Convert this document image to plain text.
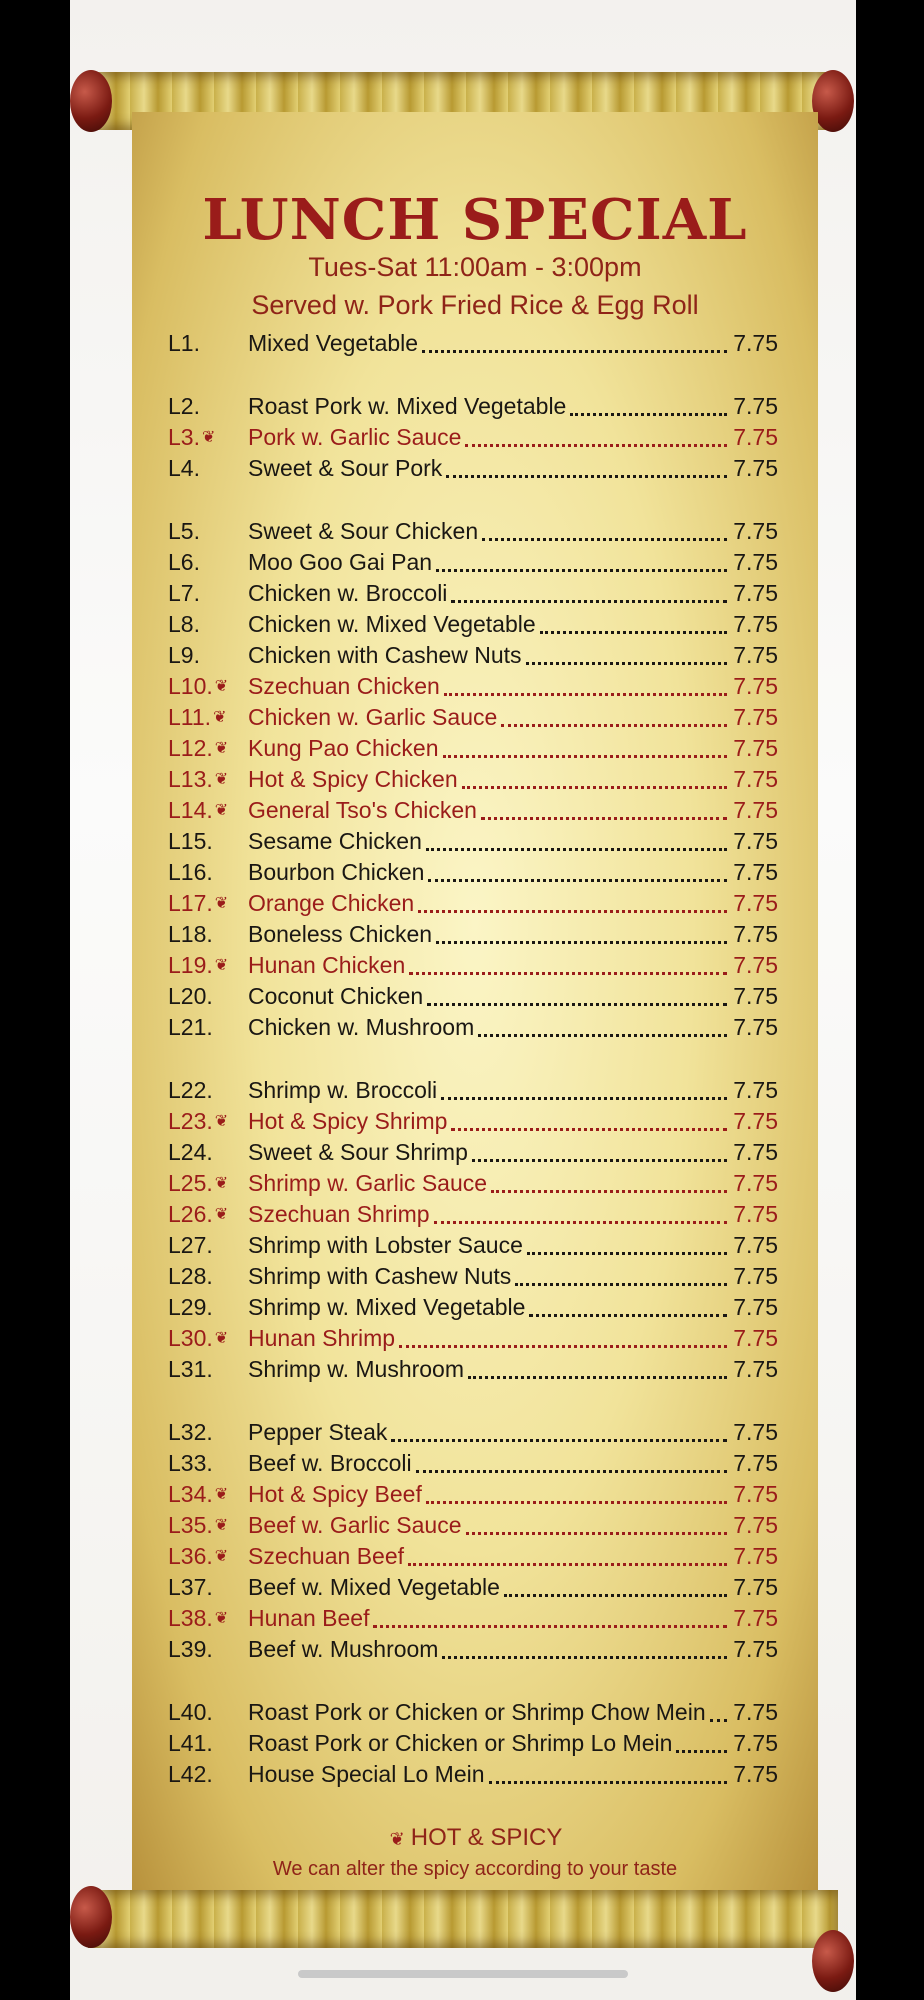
LUNCH SPECIAL
Tues-Sat 11:00am - 3:00pm
Served w. Pork Fried Rice & Egg Roll
L1. Mixed Vegetable	7.75
L2. Roast Pork w. Mixed Vegetable	7.75
L3. ❦ Pork w. Garlic Sauce	7.75
L4. Sweet & Sour Pork	7.75
L5. Sweet & Sour Chicken	7.75
L6. Moo Goo Gai Pan	7.75
L7. Chicken w. Broccoli	7.75
L8. Chicken w. Mixed Vegetable	7.75
L9. Chicken with Cashew Nuts	7.75
L10. ❦ Szechuan Chicken	7.75
L11. ❦ Chicken w. Garlic Sauce	7.75
L12. ❦ Kung Pao Chicken	7.75
L13. ❦ Hot & Spicy Chicken	7.75
L14. ❦ General Tso's Chicken	7.75
L15. Sesame Chicken	7.75
L16. Bourbon Chicken	7.75
L17. ❦ Orange Chicken	7.75
L18. Boneless Chicken	7.75
L19. ❦ Hunan Chicken	7.75
L20. Coconut Chicken	7.75
L21. Chicken w. Mushroom	7.75
L22. Shrimp w. Broccoli	7.75
L23. ❦ Hot & Spicy Shrimp	7.75
L24. Sweet & Sour Shrimp	7.75
L25. ❦ Shrimp w. Garlic Sauce	7.75
L26. ❦ Szechuan Shrimp	7.75
L27. Shrimp with Lobster Sauce	7.75
L28. Shrimp with Cashew Nuts	7.75
L29. Shrimp w. Mixed Vegetable	7.75
L30. ❦ Hunan Shrimp	7.75
L31. Shrimp w. Mushroom	7.75
L32. Pepper Steak	7.75
L33. Beef w. Broccoli	7.75
L34. ❦ Hot & Spicy Beef	7.75
L35. ❦ Beef w. Garlic Sauce	7.75
L36. ❦ Szechuan Beef	7.75
L37. Beef w. Mixed Vegetable	7.75
L38. ❦ Hunan Beef	7.75
L39. Beef w. Mushroom	7.75
L40. Roast Pork or Chicken or Shrimp Chow Mein 7.75
L41. Roast Pork or Chicken or Shrimp Lo Mein	7.75
L42. House Special Lo Mein	7.75
❦ HOT & SPICY
We can alter the spicy according to your taste
